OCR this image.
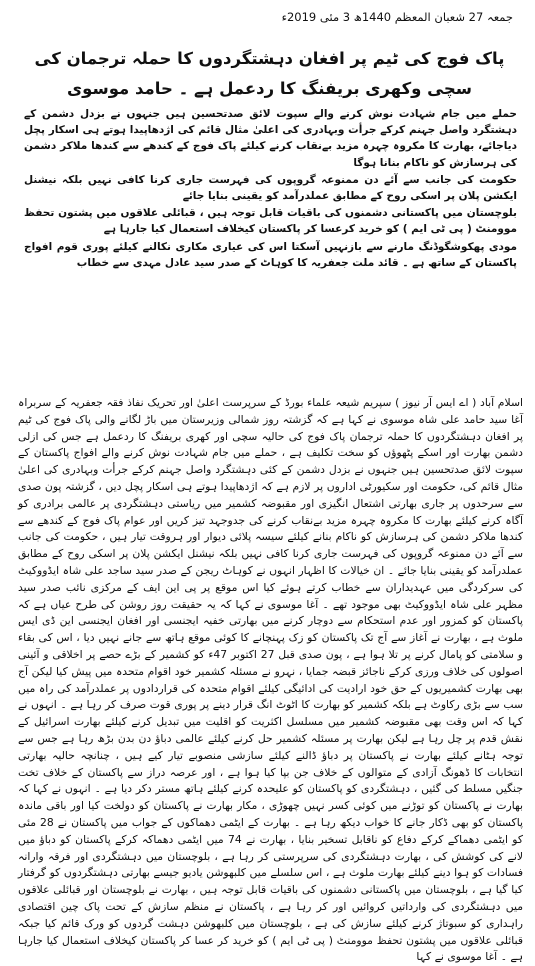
جمعہ 27 شعبان المعظم 1440ھ 3 مئی 2019ء
پاک فوج کی ٹیم پر افغان دہشتگردوں کا حملہ ترجمان کی سچی وکھری بریفنگ کا ردعمل ہے ۔ حامد موسوی

حملے میں جام شہادت نوش کرنے والے سپوت لائق صدتحسین ہیں جنہوں نے بزدل دشمن کے دہشتگرد واصل جہنم کرکے جرأت وبہادری کی اعلیٰ مثال قائم کی اژدھاپیدا ہوتے ہی اسکار پچل دیاجائے، بھارت کا مکروہ چہرہ مزید بےنقاب کرنے کیلئے پاک فوج کے کندھے سے کندھا ملاکر دشمن کی ہرسازش کو ناکام بنانا ہوگا

حکومت کی جانب سے آئے دن ممنوعہ گروپوں کی فہرست جاری کرنا کافی نہیں بلکہ نیشنل ایکشن پلان پر اسکی روح کے مطابق عملدرآمد کو یقینی بنایا جائے

بلوچستان میں پاکستانی دشمنوں کی باقیات قابل توجہ ہیں ، قبائلی علاقوں میں پشتون تحفظ موومنٹ ( پی ٹی ایم ) کو خرید کرعسا کر پاکستان کیخلاف استعمال کیا جارہا ہے

مودی پھکوشگوڈنگ مارنے سے بازنہیں آسکتا اس کی عیاری مکاری نکالنے کیلئے پوری قوم افواج پاکستان کے ساتھ ہے ۔ قائد ملت جعفریہ کا کوہاٹ کے صدر سید عادل مہدی سے خطاب

اسلام آباد ( اے ایس آر نیوز ) سپریم شیعہ علماء بورڈ کے سرپرست اعلیٰ اور تحریک نفاذ فقہ جعفریہ کے سربراہ آغا سید حامد علی شاہ موسوی نے کہا ہے کہ گزشتہ روز شمالی وزیرستان میں باڑ لگانے والی پاک فوج کی ٹیم پر افغان دہشتگردوں کا حملہ ترجمان پاک فوج کی حالیہ سچی اور کھری بریفنگ کا ردعمل ہے جس کی ازلی دشمن بھارت اور اسکے پٹھوؤں کو سخت تکلیف ہے ، حملے میں جام شہادت نوش کرنے والے افواج پاکستان کے سپوت لائق صدتحسین ہیں جنہوں نے بزدل دشمن کے کئی دہشتگرد واصل جہنم کرکے جرأت وبہادری کی اعلیٰ مثال قائم کی، حکومت اور سکیورٹی اداروں پر لازم ہے کہ اژدھاپیدا ہوتے ہی اسکار پچل دیں ، گزشتہ پون صدی سے سرحدوں پر جاری بھارتی اشتعال انگیزی اور مقبوضہ کشمیر میں ریاستی دہشتگردی پر عالمی برادری کو آگاہ کرنے کیلئے بھارت کا مکروہ چہرہ مزید بےنقاب کرنے کی جدوجہد تیز کریں اور عوام پاک فوج کے کندھے سے کندھا ملاکر دشمن کی ہرسازش کو ناکام بنانے کیلئے سیسہ پلائی دیوار اور ہروقت تیار ہیں ، حکومت کی جانب سے آئے دن ممنوعہ گروپوں کی فہرست جاری کرنا کافی نہیں بلکہ نیشنل ایکشن پلان پر اسکی روح کے مطابق عملدرآمد کو یقینی بنایا جائے ۔ ان خیالات کا اظہار انہوں نے کوہاٹ ریجن کے صدر سید ساجد علی شاہ ایڈووکیٹ کی سرکردگی میں عہدیداران سے خطاب کرتے ہوئے کیا اس موقع پر پی این ایف کے مرکزی نائب صدر سید مظہر علی شاہ ایڈووکیٹ بھی موجود تھے ۔ آغا موسوی نے کہا کہ یہ حقیقت روز روشن کی طرح عیاں ہے کہ پاکستان کو کمزور اور عدم استحکام سے دوچار کرنے میں بھارتی خفیہ ایجنسی اور افغان ایجنسی این ڈی ایس ملوث ہے ، بھارت نے آغاز سے آج تک پاکستان کو زک پہنچانے کا کوئی موقع ہاتھ سے جانے نہیں دیا ، اس کی بقاء و سلامتی کو پامال کرنے پر تلا ہوا ہے ، پون صدی قبل 27 اکتوبر 47ء کو کشمیر کے بڑے حصے پر اخلاقی و آئینی اصولوں کی خلاف ورزی کرکے ناجائز قبضہ جمایا ، نہرو نے مسئلہ کشمیر خود اقوام متحدہ میں پیش کیا لیکن آج بھی بھارت کشمیریوں کے حق خود ارادیت کی ادائیگی کیلئے اقوام متحدہ کی قراردادوں پر عملدرآمد کی راہ میں سب سے بڑی رکاوٹ ہے بلکہ کشمیر کو بھارت کا اٹوٹ انگ قرار دینے پر پوری قوت صرف کر رہا ہے ۔ انہوں نے کہا کہ اس وقت بھی مقبوضہ کشمیر میں مسلسل اکثریت کو اقلیت میں تبدیل کرنے کیلئے بھارت اسرائیل کے نقش قدم پر چل رہا ہے لیکن بھارت پر مسئلہ کشمیر حل کرنے کیلئے عالمی دباؤ دن بدن بڑھ رہا ہے جس سے توجہ ہٹانے کیلئے بھارت نے پاکستان پر دباؤ ڈالنے کیلئے سازشی منصوبے تیار کیے ہیں ، چنانچہ حالیہ بھارتی انتخابات کا ڈھونگ آزادی کے متوالوں کے خلاف جن بپا کیا ہوا ہے ، اور عرصہ دراز سے پاکستان کے خلاف تخت جنگیں مسلط کی گئیں ، دہشتگردی کو پاکستان کو علیحدہ کرنے کیلئے ہاتھ مستر دکر دیا ہے ۔ انہوں نے کہا کہ بھارت نے پاکستان کو توڑنے میں کوئی کسر نہیں چھوڑی ، مکار بھارت نے پاکستان کو دولخت کیا اور باقی ماندہ پاکستان کو بھی ڈکار جانے کا خواب دیکھ رہا ہے ۔ بھارت کے ایٹمی دھماکوں کے جواب میں پاکستان نے 28 مئی کو ایٹمی دھماکے کرکے دفاع کو ناقابل تسخیر بنایا ، بھارت نے 74 میں ایٹمی دھماکہ کرکے پاکستان کو دباؤ میں لانے کی کوشش کی ، بھارت دہشتگردی کی سرپرستی کر رہا ہے ، بلوچستان میں دہشتگردی اور فرقہ وارانہ فسادات کو ہوا دینے کیلئے بھارت ملوث ہے ، اس سلسلے میں کلبھوشن یادیو جیسے بھارتی دہشتگردوں کو گرفتار کیا گیا ہے ، بلوچستان میں پاکستانی دشمنوں کی باقیات قابل توجہ ہیں ، بھارت نے بلوچستان اور قبائلی علاقوں میں دہشتگردی کی وارداتیں کروائیں اور کر رہا ہے ، پاکستان نے منظم سازش کے تحت پاک چین اقتصادی راہداری کو سبوتاژ کرنے کیلئے سازش کی ہے ، بلوچستان میں کلبھوشن دہشت گردوں کو ورک قائم کیا جبکہ قبائلی علاقوں میں پشتون تحفظ موومنٹ ( پی ٹی ایم ) کو خرید کر عسا کر پاکستان کیخلاف استعمال کیا جارہا ہے ۔ آغا موسوی نے کہا
